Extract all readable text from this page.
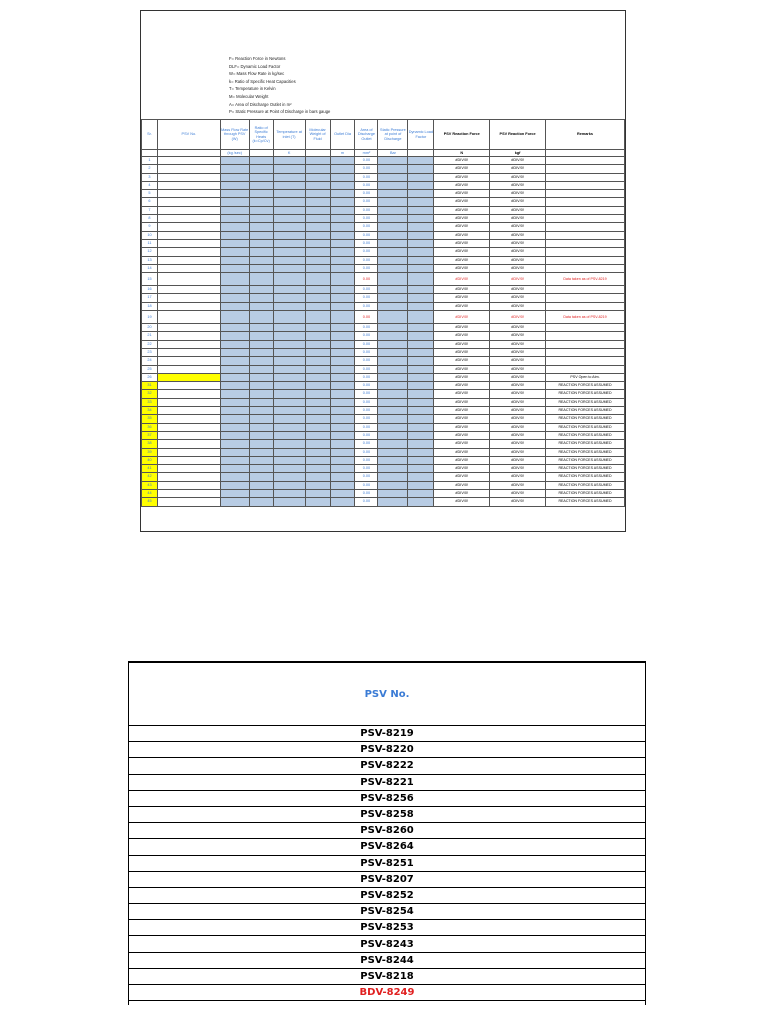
F= Reaction Force in Newtons
DLF= Dynamic Load Factor
W= Mass Flow Rate in kg/sec
k= Ratio of Specific Heat Capacities
T= Temperature in Kelvin
M= Molecular Weight
A= Area of Discharge Outlet in m²
P= Static Pressure at Point of Discharge in bars gauge
Sr.	PSV No.	Mass Flow Rate through PSV (W)	Ratio of Specific Heats (k=Cp/Cv)	Temperature at inlet (T)	Molecular Weight of Fluid	Outlet Dia	Area of Discharge Outlet	Static Pressure at point of Discharge	Dynamic Load Factor	PSV Reaction Force	PSV Reaction Force	Remarks
		(kg /sec)		K		m	mm²	Bar		N	kgf	
1							0.00			#DIV/0!	#DIV/0!	
2							0.00			#DIV/0!	#DIV/0!	
3							0.00			#DIV/0!	#DIV/0!	
4							0.00			#DIV/0!	#DIV/0!	
5							0.00			#DIV/0!	#DIV/0!	
6							0.00			#DIV/0!	#DIV/0!	
7							0.00			#DIV/0!	#DIV/0!	
8							0.00			#DIV/0!	#DIV/0!	
9							0.00			#DIV/0!	#DIV/0!	
10							0.00			#DIV/0!	#DIV/0!	
11							0.00			#DIV/0!	#DIV/0!	
12							0.00			#DIV/0!	#DIV/0!	
13							0.00			#DIV/0!	#DIV/0!	
14							0.00			#DIV/0!	#DIV/0!	
15							0.00			#DIV/0!	#DIV/0!	Data taken as of PSV-8219
16							0.00			#DIV/0!	#DIV/0!	
17							0.00			#DIV/0!	#DIV/0!	
18							0.00			#DIV/0!	#DIV/0!	
19							0.00			#DIV/0!	#DIV/0!	Data taken as of PSV-8219
20							0.00			#DIV/0!	#DIV/0!	
21							0.00			#DIV/0!	#DIV/0!	
22							0.00			#DIV/0!	#DIV/0!	
23							0.00			#DIV/0!	#DIV/0!	
24							0.00			#DIV/0!	#DIV/0!	
25							0.00			#DIV/0!	#DIV/0!	
26							0.00			#DIV/0!	#DIV/0!	PSV Open to Atm.
31							0.00			#DIV/0!	#DIV/0!	REACTION FORCES ASSUMED
32							0.00			#DIV/0!	#DIV/0!	REACTION FORCES ASSUMED
33							0.00			#DIV/0!	#DIV/0!	REACTION FORCES ASSUMED
34							0.00			#DIV/0!	#DIV/0!	REACTION FORCES ASSUMED
35							0.00			#DIV/0!	#DIV/0!	REACTION FORCES ASSUMED
36							0.00			#DIV/0!	#DIV/0!	REACTION FORCES ASSUMED
37							0.00			#DIV/0!	#DIV/0!	REACTION FORCES ASSUMED
38							0.00			#DIV/0!	#DIV/0!	REACTION FORCES ASSUMED
39							0.00			#DIV/0!	#DIV/0!	REACTION FORCES ASSUMED
40							0.00			#DIV/0!	#DIV/0!	REACTION FORCES ASSUMED
41							0.00			#DIV/0!	#DIV/0!	REACTION FORCES ASSUMED
42							0.00			#DIV/0!	#DIV/0!	REACTION FORCES ASSUMED
43							0.00			#DIV/0!	#DIV/0!	REACTION FORCES ASSUMED
44							0.00			#DIV/0!	#DIV/0!	REACTION FORCES ASSUMED
45							0.00			#DIV/0!	#DIV/0!	REACTION FORCES ASSUMED
PSV No.
PSV-8219
PSV-8220
PSV-8222
PSV-8221
PSV-8256
PSV-8258
PSV-8260
PSV-8264
PSV-8251
PSV-8207
PSV-8252
PSV-8254
PSV-8253
PSV-8243
PSV-8244
PSV-8218
BDV-8249
